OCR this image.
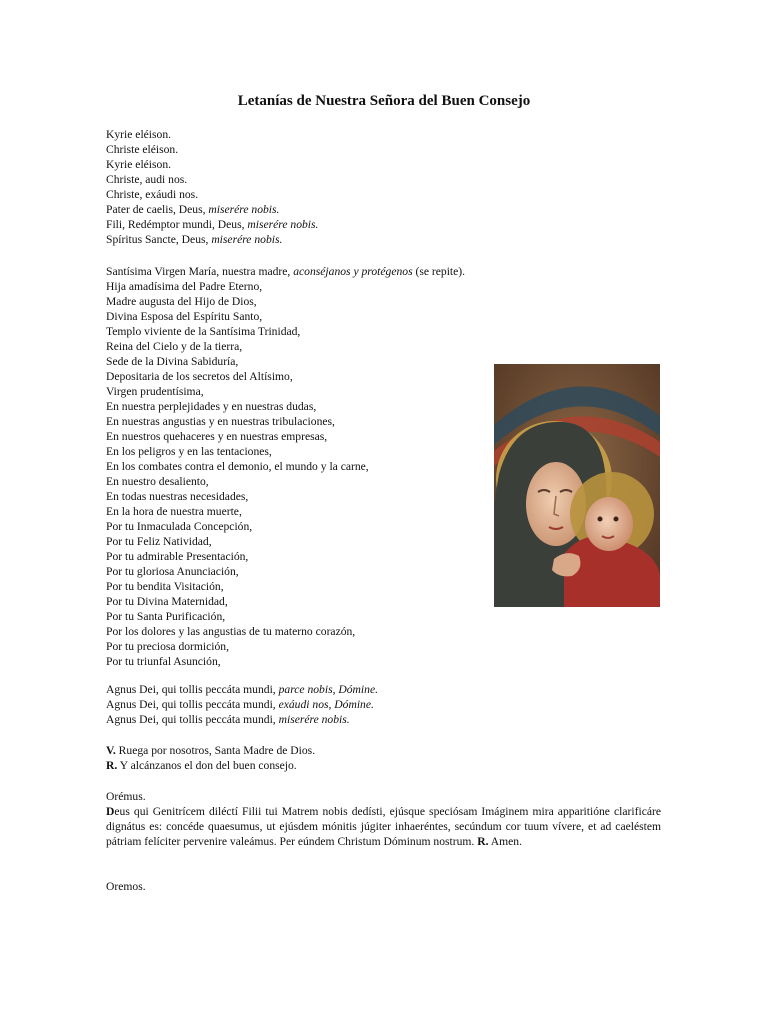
Letanías de Nuestra Señora del Buen Consejo
Kyrie eléison.
Christe eléison.
Kyrie eléison.
Christe, audi nos.
Christe, exáudi nos.
Pater de caelis, Deus, miserére nobis.
Fili, Redémptor mundi, Deus, miserére nobis.
Spíritus Sancte, Deus, miserére nobis.
Santísima Virgen María, nuestra madre, aconséjanos y protégenos (se repite).
Hija amadísima del Padre Eterno,
Madre augusta del Hijo de Dios,
Divina Esposa del Espíritu Santo,
Templo viviente de la Santísima Trinidad,
Reina del Cielo y de la tierra,
Sede de la Divina Sabiduría,
Depositaria de los secretos del Altísimo,
Virgen prudentísima,
En nuestra perplejidades y en nuestras dudas,
En nuestras angustias y en nuestras tribulaciones,
En nuestros quehaceres y en nuestras empresas,
En los peligros y en las tentaciones,
En los combates contra el demonio, el mundo y la carne,
En nuestro desaliento,
En todas nuestras necesidades,
En la hora de nuestra muerte,
Por tu Inmaculada Concepción,
Por tu Feliz Natividad,
Por tu admirable Presentación,
Por tu gloriosa Anunciación,
Por tu bendita Visitación,
Por tu Divina Maternidad,
Por tu Santa Purificación,
Por los dolores y las angustias de tu materno corazón,
Por tu preciosa dormición,
Por tu triunfal Asunción,
Agnus Dei, qui tollis peccáta mundi, parce nobis, Dómine.
Agnus Dei, qui tollis peccáta mundi, exáudi nos, Dómine.
Agnus Dei, qui tollis peccáta mundi, miserére nobis.
V. Ruega por nosotros, Santa Madre de Dios.
R. Y alcánzanos el don del buen consejo.
Orémus.
Deus qui Genitrícem diléctí Filii tui Matrem nobis dedísti, ejúsque speciósam Imáginem mira apparitióne clarificáre dignátus es: concéde quaesumus, ut ejúsdem mónitis júgiter inhaeréntes, secúndum cor tuum vívere, et ad caeléstem pátriam felíciter pervenire valeámus. Per eúndem Christum Dóminum nostrum. R. Amen.
Oremos.
